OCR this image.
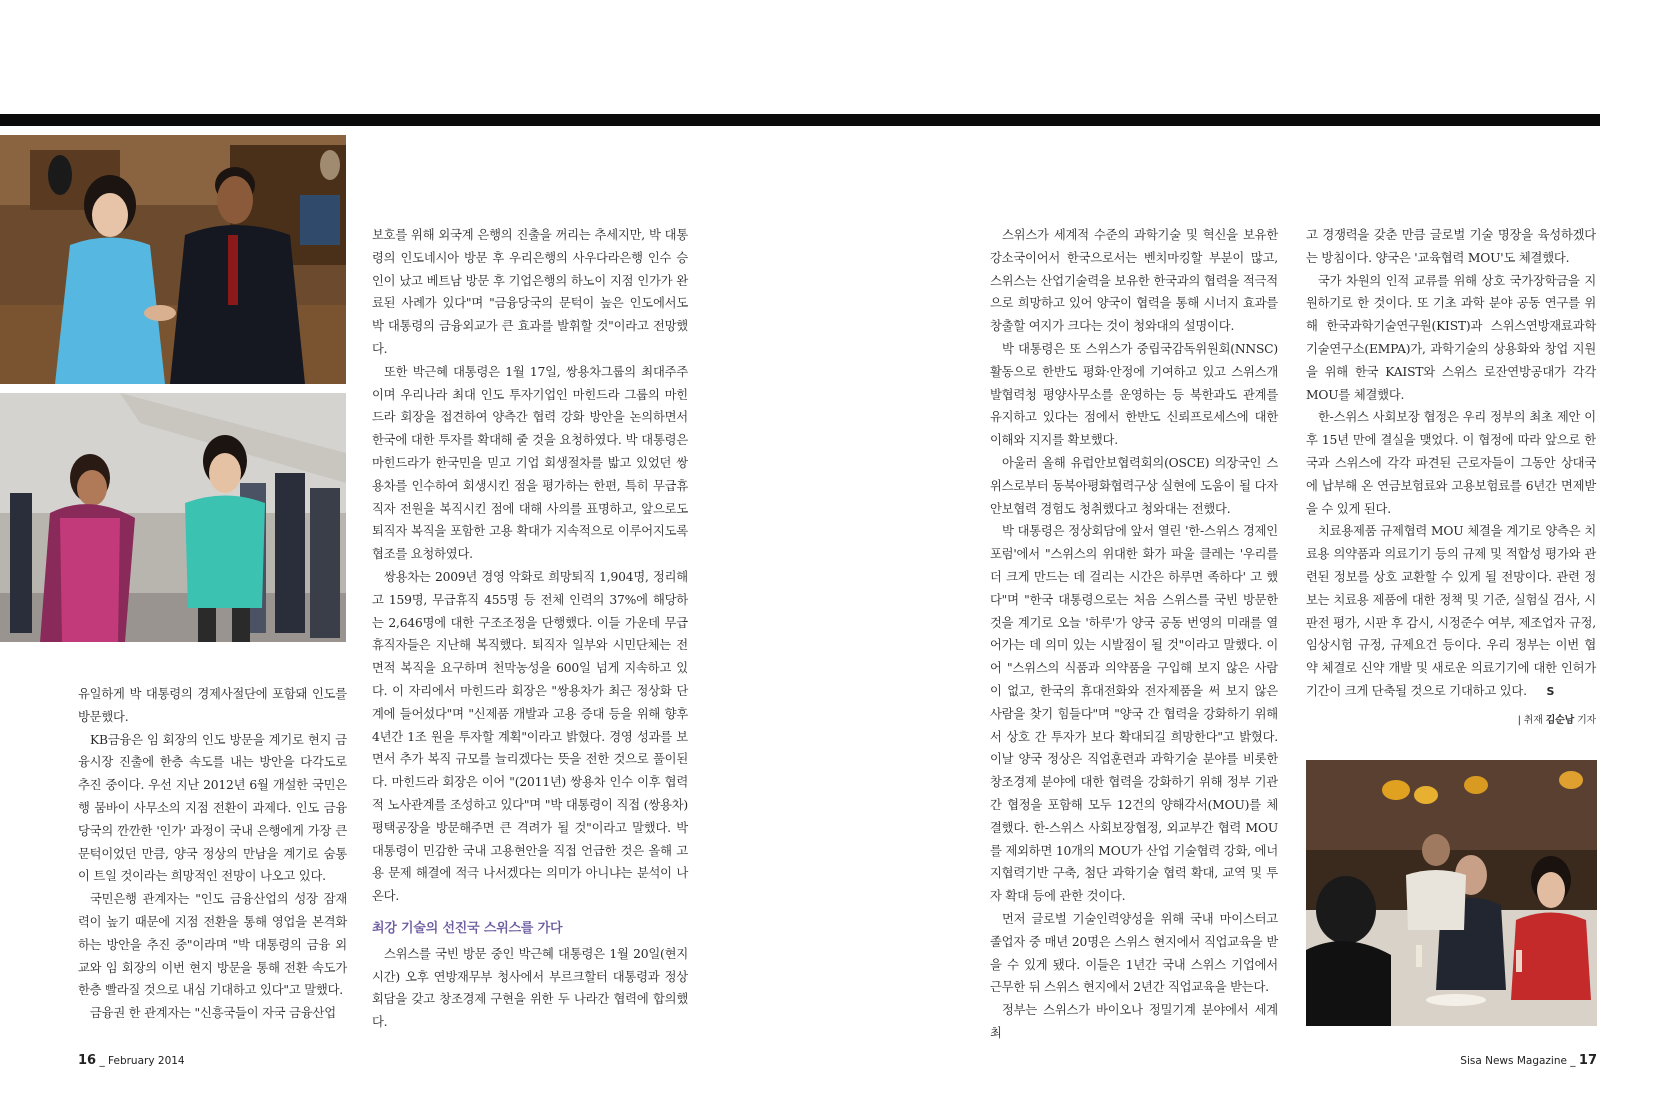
유일하게 박 대통령의 경제사절단에 포함돼 인도를 방문했다.

KB금융은 임 회장의 인도 방문을 계기로 현지 금융시장 진출에 한층 속도를 내는 방안을 다각도로 추진 중이다. 우선 지난 2012년 6월 개설한 국민은행 뭄바이 사무소의 지점 전환이 과제다. 인도 금융당국의 깐깐한 '인가' 과정이 국내 은행에게 가장 큰 문턱이었던 만큼, 양국 정상의 만남을 계기로 숨통이 트일 것이라는 희망적인 전망이 나오고 있다.

국민은행 관계자는 "인도 금융산업의 성장 잠재력이 높기 때문에 지점 전환을 통해 영업을 본격화하는 방안을 추진 중"이라며 "박 대통령의 금융 외교와 임 회장의 이번 현지 방문을 통해 전환 속도가 한층 빨라질 것으로 내심 기대하고 있다"고 말했다.

금융권 한 관계자는 "신흥국들이 자국 금융산업

보호를 위해 외국계 은행의 진출을 꺼리는 추세지만, 박 대통령의 인도네시아 방문 후 우리은행의 사우다라은행 인수 승인이 났고 베트남 방문 후 기업은행의 하노이 지점 인가가 완료된 사례가 있다"며 "금융당국의 문턱이 높은 인도에서도 박 대통령의 금융외교가 큰 효과를 발휘할 것"이라고 전망했다.

또한 박근혜 대통령은 1월 17일, 쌍용차그룹의 최대주주이며 우리나라 최대 인도 투자기업인 마힌드라 그룹의 마힌드라 회장을 접견하여 양측간 협력 강화 방안을 논의하면서 한국에 대한 투자를 확대해 줄 것을 요청하였다. 박 대통령은 마힌드라가 한국민을 믿고 기업 회생절차를 밟고 있었던 쌍용차를 인수하여 회생시킨 점을 평가하는 한편, 특히 무급휴직자 전원을 복직시킨 점에 대해 사의를 표명하고, 앞으로도 퇴직자 복직을 포함한 고용 확대가 지속적으로 이루어지도록 협조를 요청하였다.

쌍용차는 2009년 경영 악화로 희망퇴직 1,904명, 정리해고 159명, 무급휴직 455명 등 전체 인력의 37%에 해당하는 2,646명에 대한 구조조정을 단행했다. 이들 가운데 무급휴직자들은 지난해 복직했다. 퇴직자 일부와 시민단체는 전면적 복직을 요구하며 천막농성을 600일 넘게 지속하고 있다. 이 자리에서 마힌드라 회장은 "쌍용차가 최근 정상화 단계에 들어섰다"며 "신제품 개발과 고용 증대 등을 위해 향후 4년간 1조 원을 투자할 계획"이라고 밝혔다. 경영 성과를 보면서 추가 복직 규모를 늘리겠다는 뜻을 전한 것으로 풀이된다. 마힌드라 회장은 이어 "(2011년) 쌍용차 인수 이후 협력적 노사관계를 조성하고 있다"며 "박 대통령이 직접 (쌍용차) 평택공장을 방문해주면 큰 격려가 될 것"이라고 말했다. 박 대통령이 민감한 국내 고용현안을 직접 언급한 것은 올해 고용 문제 해결에 적극 나서겠다는 의미가 아니냐는 분석이 나온다.

최강 기술의 선진국 스위스를 가다

스위스를 국빈 방문 중인 박근혜 대통령은 1월 20일(현지시간) 오후 연방재무부 청사에서 부르크할터 대통령과 정상회담을 갖고 창조경제 구현을 위한 두 나라간 협력에 합의했다.

스위스가 세계적 수준의 과학기술 및 혁신을 보유한 강소국이어서 한국으로서는 벤치마킹할 부분이 많고, 스위스는 산업기술력을 보유한 한국과의 협력을 적극적으로 희망하고 있어 양국이 협력을 통해 시너지 효과를 창출할 여지가 크다는 것이 청와대의 설명이다.

박 대통령은 또 스위스가 중립국감독위원회(NNSC) 활동으로 한반도 평화·안정에 기여하고 있고 스위스개발협력청 평양사무소를 운영하는 등 북한과도 관계를 유지하고 있다는 점에서 한반도 신뢰프로세스에 대한 이해와 지지를 확보했다.

아울러 올해 유럽안보협력회의(OSCE) 의장국인 스위스로부터 동북아평화협력구상 실현에 도움이 될 다자안보협력 경험도 청취했다고 청와대는 전했다.

박 대통령은 정상회담에 앞서 열린 '한-스위스 경제인포럼'에서 "스위스의 위대한 화가 파울 클레는 '우리를 더 크게 만드는 데 걸리는 시간은 하루면 족하다' 고 했다"며 "한국 대통령으로는 처음 스위스를 국빈 방문한 것을 계기로 오늘 '하루'가 양국 공동 번영의 미래를 열어가는 데 의미 있는 시발점이 될 것"이라고 말했다. 이어 "스위스의 식품과 의약품을 구입해 보지 않은 사람이 없고, 한국의 휴대전화와 전자제품을 써 보지 않은 사람을 찾기 힘들다"며 "양국 간 협력을 강화하기 위해서 상호 간 투자가 보다 확대되길 희망한다"고 밝혔다. 이날 양국 정상은 직업훈련과 과학기술 분야를 비롯한 창조경제 분야에 대한 협력을 강화하기 위해 정부 기관간 협정을 포함해 모두 12건의 양해각서(MOU)를 체결했다. 한-스위스 사회보장협정, 외교부간 협력 MOU를 제외하면 10개의 MOU가 산업 기술협력 강화, 에너지협력기반 구축, 첨단 과학기술 협력 확대, 교역 및 투자 확대 등에 관한 것이다.

먼저 글로벌 기술인력양성을 위해 국내 마이스터고 졸업자 중 매년 20명은 스위스 현지에서 직업교육을 받을 수 있게 됐다. 이들은 1년간 국내 스위스 기업에서 근무한 뒤 스위스 현지에서 2년간 직업교육을 받는다.

정부는 스위스가 바이오나 정밀기계 분야에서 세계 최

고 경쟁력을 갖춘 만큼 글로벌 기술 명장을 육성하겠다는 방침이다. 양국은 '교육협력 MOU'도 체결했다.

국가 차원의 인적 교류를 위해 상호 국가장학금을 지원하기로 한 것이다. 또 기초 과학 분야 공동 연구를 위해 한국과학기술연구원(KIST)과 스위스연방재료과학기술연구소(EMPA)가, 과학기술의 상용화와 창업 지원을 위해 한국 KAIST와 스위스 로잔연방공대가 각각 MOU를 체결했다.

한-스위스 사회보장 협정은 우리 정부의 최초 제안 이후 15년 만에 결실을 맺었다. 이 협정에 따라 앞으로 한국과 스위스에 각각 파견된 근로자들이 그동안 상대국에 납부해 온 연금보험료와 고용보험료를 6년간 면제받을 수 있게 된다.

치료용제품 규제협력 MOU 체결을 계기로 양측은 치료용 의약품과 의료기기 등의 규제 및 적합성 평가와 관련된 정보를 상호 교환할 수 있게 될 전망이다. 관련 정보는 치료용 제품에 대한 정책 및 기준, 실험실 검사, 시판전 평가, 시판 후 감시, 시정준수 여부, 제조업자 규정, 임상시험 규정, 규제요건 등이다. 우리 정부는 이번 협약 체결로 신약 개발 및 새로운 의료기기에 대한 인허가 기간이 크게 단축될 것으로 기대하고 있다. S

| 취재 김순남 기자
16 _ February 2014	Sisa News Magazine _ 17
